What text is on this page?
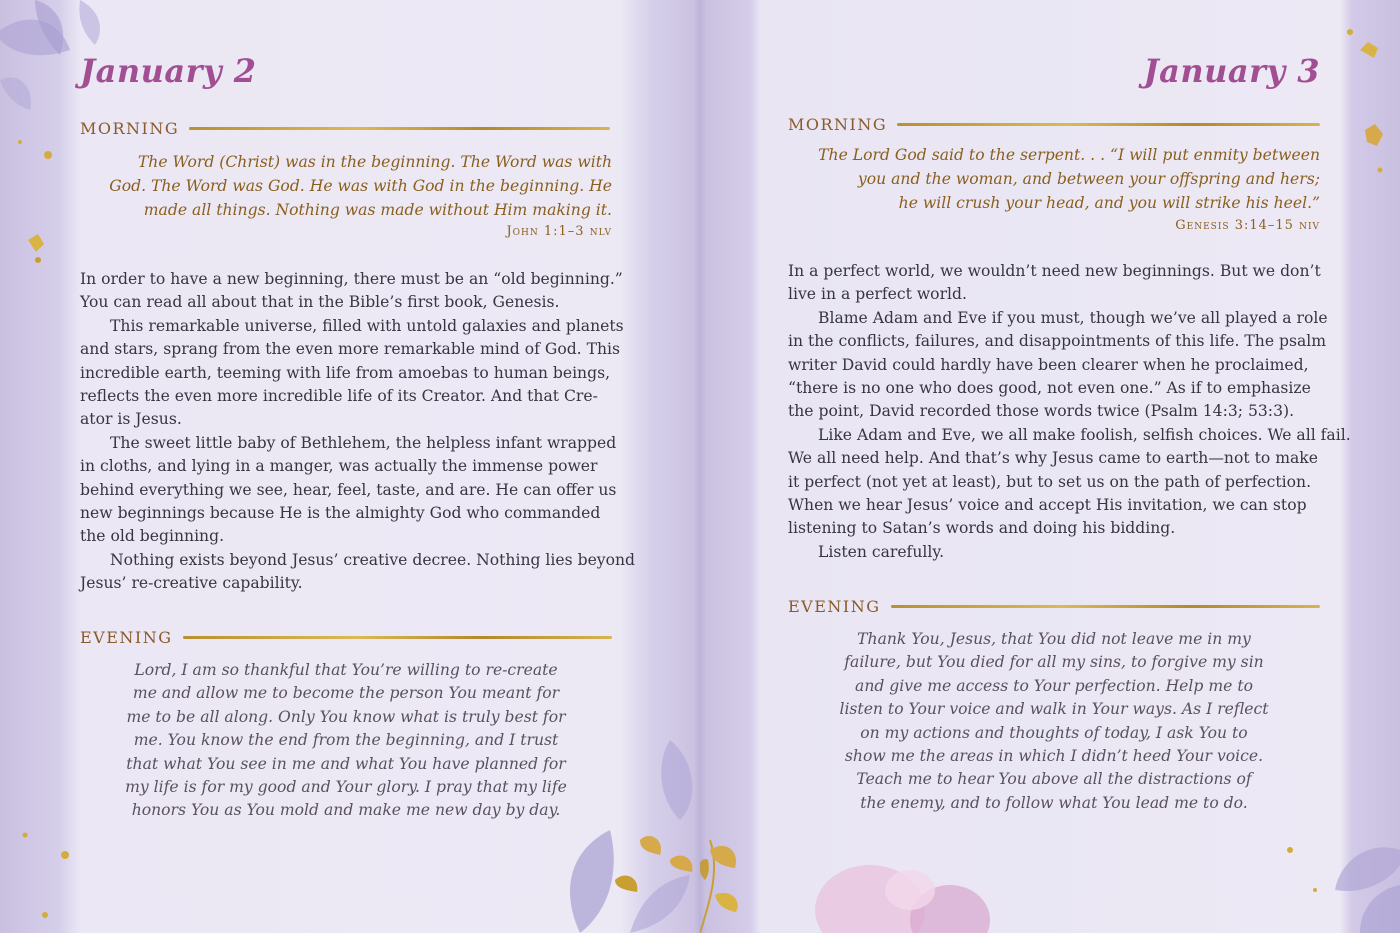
January 2
MORNING

The Word (Christ) was in the beginning. The Word was with
God. The Word was God. He was with God in the beginning. He
made all things. Nothing was made without Him making it.

John 1:1–3 nlv

In order to have a new beginning, there must be an “old beginning.”
You can read all about that in the Bible’s first book, Genesis.

This remarkable universe, filled with untold galaxies and planets
and stars, sprang from the even more remarkable mind of God. This
incredible earth, teeming with life from amoebas to human beings,
reflects the even more incredible life of its Creator. And that Cre-
ator is Jesus.

The sweet little baby of Bethlehem, the helpless infant wrapped
in cloths, and lying in a manger, was actually the immense power
behind everything we see, hear, feel, taste, and are. He can offer us
new beginnings because He is the almighty God who commanded
the old beginning.

Nothing exists beyond Jesus’ creative decree. Nothing lies beyond
Jesus’ re-creative capability.

EVENING

Lord, I am so thankful that You’re willing to re-create
me and allow me to become the person You meant for
me to be all along. Only You know what is truly best for
me. You know the end from the beginning, and I trust
that what You see in me and what You have planned for
my life is for my good and Your glory. I pray that my life
honors You as You mold and make me new day by day.

January 3
MORNING

The Lord God said to the serpent. . . “I will put enmity between
you and the woman, and between your offspring and hers;
he will crush your head, and you will strike his heel.”

Genesis 3:14–15 niv

In a perfect world, we wouldn’t need new beginnings. But we don’t
live in a perfect world.

Blame Adam and Eve if you must, though we’ve all played a role
in the conflicts, failures, and disappointments of this life. The psalm
writer David could hardly have been clearer when he proclaimed,
“there is no one who does good, not even one.” As if to emphasize
the point, David recorded those words twice (Psalm 14:3; 53:3).

Like Adam and Eve, we all make foolish, selfish choices. We all fail.
We all need help. And that’s why Jesus came to earth—not to make
it perfect (not yet at least), but to set us on the path of perfection.
When we hear Jesus’ voice and accept His invitation, we can stop
listening to Satan’s words and doing his bidding.

Listen carefully.

EVENING

Thank You, Jesus, that You did not leave me in my
failure, but You died for all my sins, to forgive my sin
and give me access to Your perfection. Help me to
listen to Your voice and walk in Your ways. As I reflect
on my actions and thoughts of today, I ask You to
show me the areas in which I didn’t heed Your voice.
Teach me to hear You above all the distractions of
the enemy, and to follow what You lead me to do.
